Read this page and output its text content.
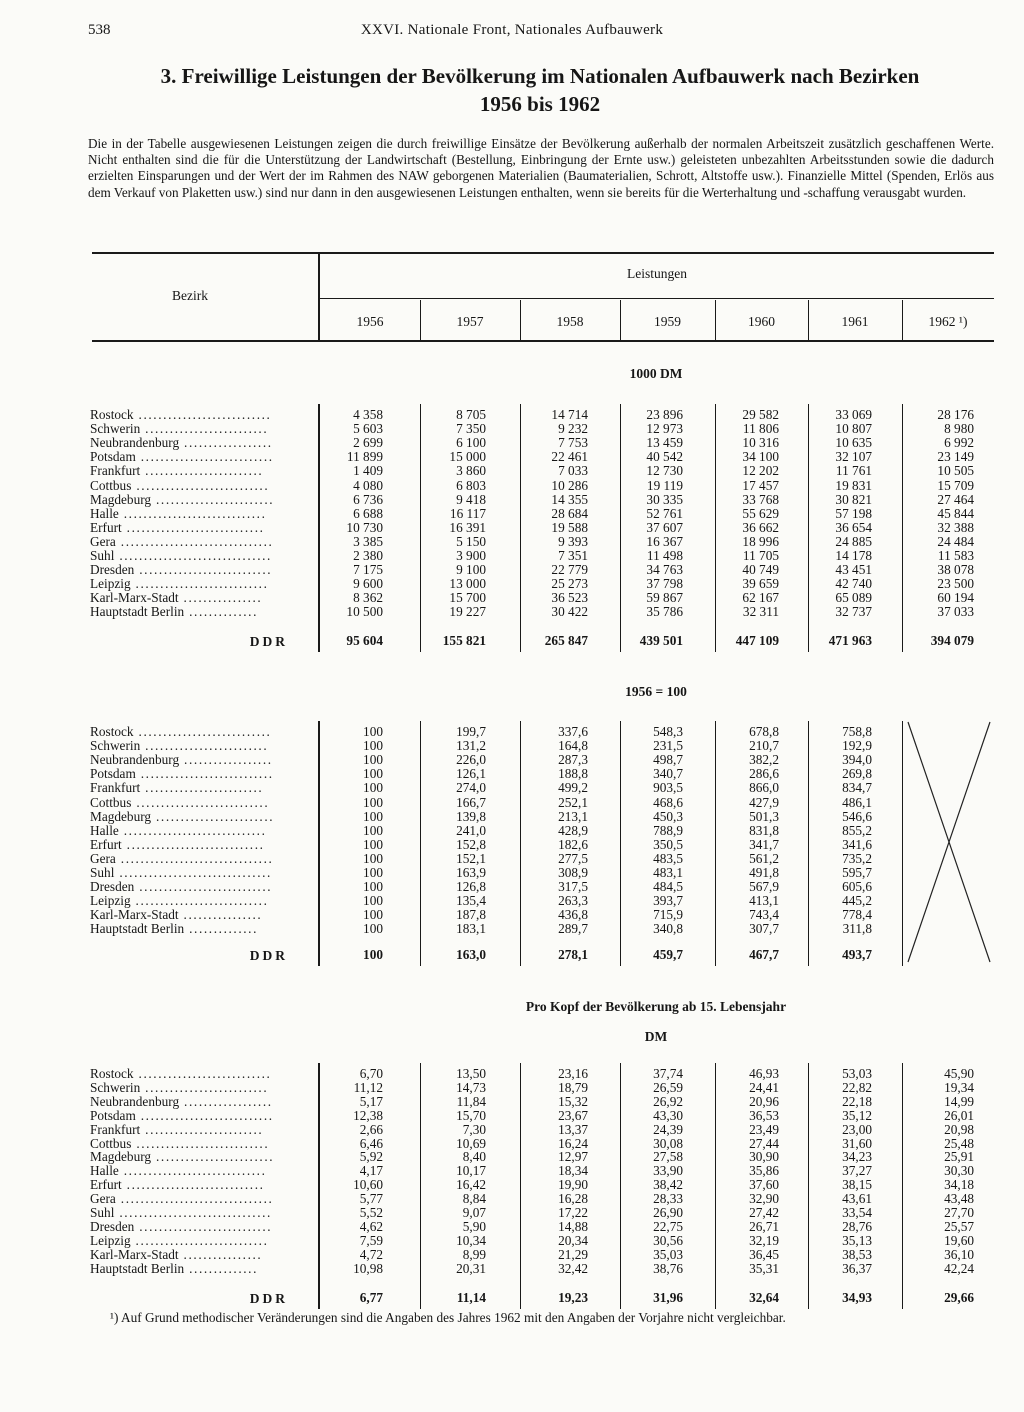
538	XXVI. Nationale Front, Nationales Aufbauwerk
3. Freiwillige Leistungen der Bevölkerung im Nationalen Aufbauwerk nach Bezirken
1956 bis 1962

Die in der Tabelle ausgewiesenen Leistungen zeigen die durch freiwillige Einsätze der Bevölkerung außerhalb der normalen Arbeitszeit zusätzlich geschaffenen Werte. Nicht enthalten sind die für die Unterstützung der Landwirtschaft (Bestellung, Einbringung der Ernte usw.) geleisteten unbezahlten Arbeitsstunden sowie die dadurch erzielten Einsparungen und der Wert der im Rahmen des NAW geborgenen Materialien (Baumaterialien, Schrott, Altstoffe usw.). Finanzielle Mittel (Spenden, Erlös aus dem Verkauf von Plaketten usw.) sind nur dann in den ausgewiesenen Leistungen enthalten, wenn sie bereits für die Werterhaltung und -schaffung verausgabt wurden.

Bezirk
Leistungen
1956	1957	1958	1959	1960	1961	1962 ¹)
1000 DM
Rostock ...........................	4 358	8 705	14 714	23 896	29 582	33 069	28 176
Schwerin .........................	5 603	7 350	9 232	12 973	11 806	10 807	8 980
Neubrandenburg ..................	2 699	6 100	7 753	13 459	10 316	10 635	6 992
Potsdam ...........................	11 899	15 000	22 461	40 542	34 100	32 107	23 149
Frankfurt ........................	1 409	3 860	7 033	12 730	12 202	11 761	10 505
Cottbus ...........................	4 080	6 803	10 286	19 119	17 457	19 831	15 709
Magdeburg ........................	6 736	9 418	14 355	30 335	33 768	30 821	27 464
Halle .............................	6 688	16 117	28 684	52 761	55 629	57 198	45 844
Erfurt ............................	10 730	16 391	19 588	37 607	36 662	36 654	32 388
Gera ...............................	3 385	5 150	9 393	16 367	18 996	24 885	24 484
Suhl ...............................	2 380	3 900	7 351	11 498	11 705	14 178	11 583
Dresden ...........................	7 175	9 100	22 779	34 763	40 749	43 451	38 078
Leipzig ...........................	9 600	13 000	25 273	37 798	39 659	42 740	23 500
Karl-Marx-Stadt ................	8 362	15 700	36 523	59 867	62 167	65 089	60 194
Hauptstadt Berlin ..............	10 500	19 227	30 422	35 786	32 311	32 737	37 033
DDR	95 604	155 821	265 847	439 501	447 109	471 963	394 079
1956 = 100
Rostock ...........................	100	199,7	337,6	548,3	678,8	758,8
Schwerin .........................	100	131,2	164,8	231,5	210,7	192,9
Neubrandenburg ..................	100	226,0	287,3	498,7	382,2	394,0
Potsdam ...........................	100	126,1	188,8	340,7	286,6	269,8
Frankfurt ........................	100	274,0	499,2	903,5	866,0	834,7
Cottbus ...........................	100	166,7	252,1	468,6	427,9	486,1
Magdeburg ........................	100	139,8	213,1	450,3	501,3	546,6
Halle .............................	100	241,0	428,9	788,9	831,8	855,2
Erfurt ............................	100	152,8	182,6	350,5	341,7	341,6
Gera ...............................	100	152,1	277,5	483,5	561,2	735,2
Suhl ...............................	100	163,9	308,9	483,1	491,8	595,7
Dresden ...........................	100	126,8	317,5	484,5	567,9	605,6
Leipzig ...........................	100	135,4	263,3	393,7	413,1	445,2
Karl-Marx-Stadt ................	100	187,8	436,8	715,9	743,4	778,4
Hauptstadt Berlin ..............	100	183,1	289,7	340,8	307,7	311,8
DDR	100	163,0	278,1	459,7	467,7	493,7
Pro Kopf der Bevölkerung ab 15. Lebensjahr
DM
Rostock ...........................	6,70	13,50	23,16	37,74	46,93	53,03	45,90
Schwerin .........................	11,12	14,73	18,79	26,59	24,41	22,82	19,34
Neubrandenburg ..................	5,17	11,84	15,32	26,92	20,96	22,18	14,99
Potsdam ...........................	12,38	15,70	23,67	43,30	36,53	35,12	26,01
Frankfurt ........................	2,66	7,30	13,37	24,39	23,49	23,00	20,98
Cottbus ...........................	6,46	10,69	16,24	30,08	27,44	31,60	25,48
Magdeburg ........................	5,92	8,40	12,97	27,58	30,90	34,23	25,91
Halle .............................	4,17	10,17	18,34	33,90	35,86	37,27	30,30
Erfurt ............................	10,60	16,42	19,90	38,42	37,60	38,15	34,18
Gera ...............................	5,77	8,84	16,28	28,33	32,90	43,61	43,48
Suhl ...............................	5,52	9,07	17,22	26,90	27,42	33,54	27,70
Dresden ...........................	4,62	5,90	14,88	22,75	26,71	28,76	25,57
Leipzig ...........................	7,59	10,34	20,34	30,56	32,19	35,13	19,60
Karl-Marx-Stadt ................	4,72	8,99	21,29	35,03	36,45	38,53	36,10
Hauptstadt Berlin ..............	10,98	20,31	32,42	38,76	35,31	36,37	42,24
DDR	6,77	11,14	19,23	31,96	32,64	34,93	29,66
¹) Auf Grund methodischer Veränderungen sind die Angaben des Jahres 1962 mit den Angaben der Vorjahre nicht vergleichbar.
